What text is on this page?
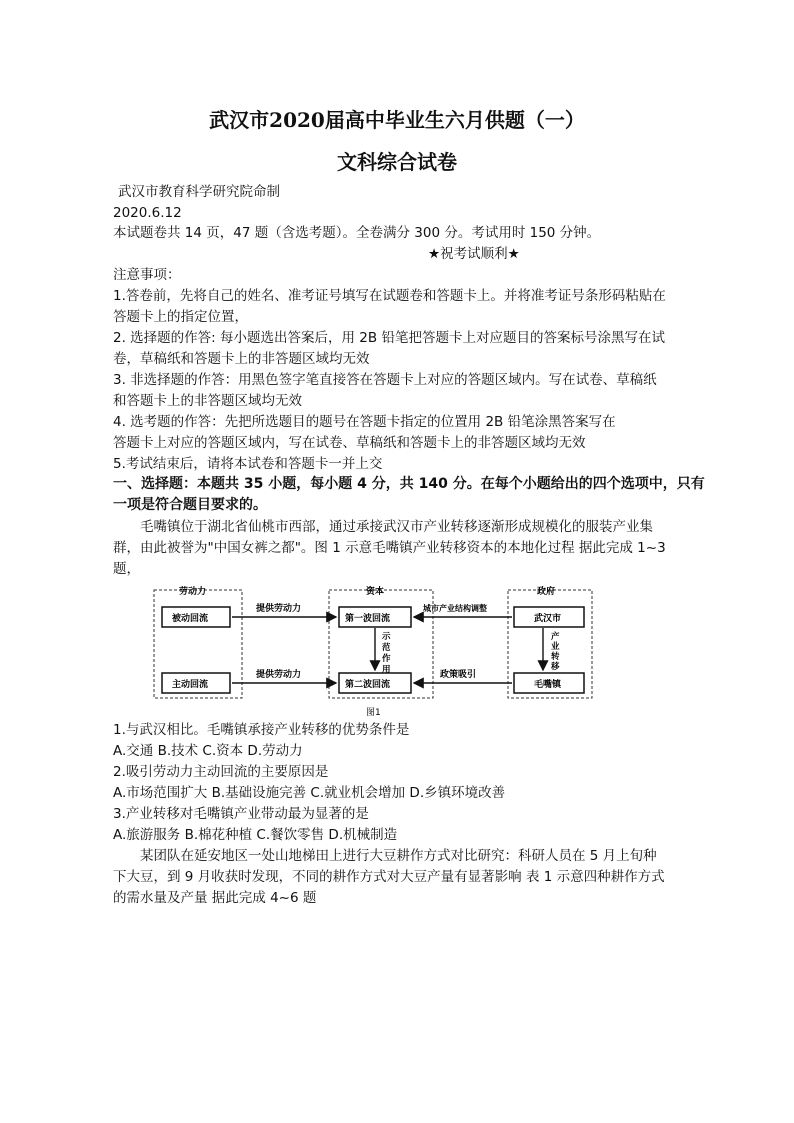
武汉市2020届高中毕业生六月供题（一）
文科综合试卷
武汉市教育科学研究院命制
2020.6.12
本试题卷共 14 页，47 题（含选考题）。全卷满分 300 分。考试用时 150 分钟。
★祝考试顺利★
注意事项：
1.答卷前，先将自己的姓名、准考证号填写在试题卷和答题卡上。并将准考证号条形码粘贴在
答题卡上的指定位置，
2. 选择题的作答: 每小题选出答案后，用 2B 铅笔把答题卡上对应题目的答案标号涂黑写在试
卷，草稿纸和答题卡上的非答题区域均无效
3. 非选择题的作答：用黑色签字笔直接答在答题卡上对应的答题区域内。写在试卷、草稿纸
和答题卡上的非答题区域均无效
4. 选考题的作答：先把所选题目的题号在答题卡指定的位置用 2B 铅笔涂黑答案写在
答题卡上对应的答题区域内，写在试卷、草稿纸和答题卡上的非答题区域均无效
5.考试结束后，请将本试卷和答题卡一并上交
一、选择题：本题共 35 小题，每小题 4 分，共 140 分。在每个小题给出的四个选项中，只有
一项是符合题目要求的。
　　毛嘴镇位于湖北省仙桃市西部，通过承接武汉市产业转移逐渐形成规模化的服装产业集
群，由此被誉为"中国女裤之都"。图 1 示意毛嘴镇产业转移资本的本地化过程 据此完成 1~3
题，
劳动力	资本	政府
被动回流
主动回流
第一波回流
第二波回流
武汉市
毛嘴镇
提供劳动力
提供劳动力
城市产业结构调整
政策吸引
示
范
作
用
产
业
转
移
图1
1.与武汉相比。毛嘴镇承接产业转移的优势条件是
A.交通 B.技术 C.资本 D.劳动力
2.吸引劳动力主动回流的主要原因是
A.市场范围扩大 B.基础设施完善 C.就业机会增加 D.乡镇环境改善
3.产业转移对毛嘴镇产业带动最为显著的是
A.旅游服务 B.棉花种植 C.餐饮零售 D.机械制造
　　某团队在延安地区一处山地梯田上进行大豆耕作方式对比研究：科研人员在 5 月上旬种
下大豆，到 9 月收获时发现，不同的耕作方式对大豆产量有显著影响 表 1 示意四种耕作方式
的需水量及产量 据此完成 4~6 题
